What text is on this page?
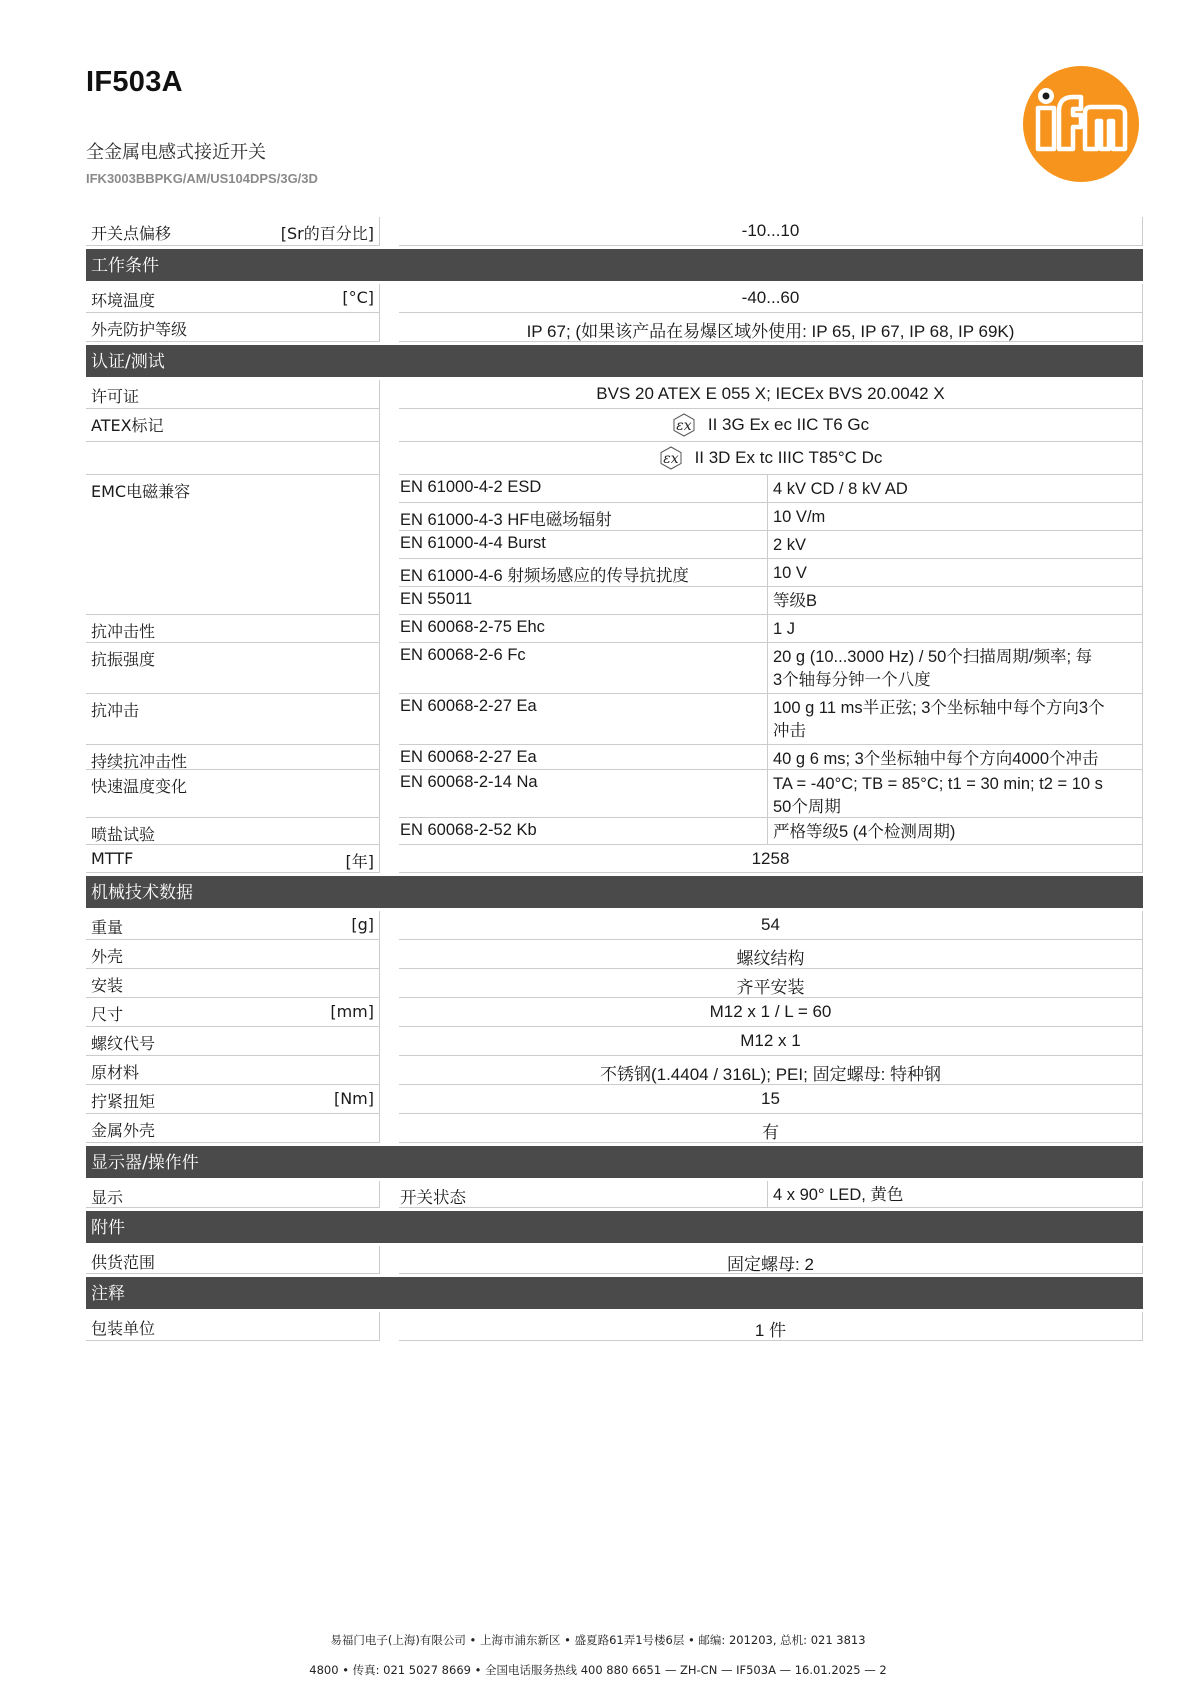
IF503A
全金属电感式接近开关
IFK3003BBPKG/AM/US104DPS/3G/3D
开关点偏移	[Sr的百分比]	-10...10
工作条件
环境温度	[°C]	-40...60
外壳防护等级	IP 67; (如果该产品在易爆区域外使用: IP 65, IP 67, IP 68, IP 69K)
认证/测试
许可证	BVS 20 ATEX E 055 X; IECEx BVS 20.0042 X
ATEX标记	εx II 3G Ex ec IIC T6 Gc
εx II 3D Ex tc IIIC T85°C Dc
EMC电磁兼容	EN 61000-4-2 ESD	4 kV CD / 8 kV AD
EN 61000-4-3 HF电磁场辐射	10 V/m
EN 61000-4-4 Burst	2 kV
EN 61000-4-6 射频场感应的传导抗扰度	10 V
EN 55011	等级B
抗冲击性	EN 60068-2-75 Ehc	1 J
抗振强度	EN 60068-2-6 Fc	20 g (10...3000 Hz) / 50个扫描周期/频率; 每
3个轴每分钟一个八度
抗冲击	EN 60068-2-27 Ea	100 g 11 ms半正弦; 3个坐标轴中每个方向3个
冲击
持续抗冲击性	EN 60068-2-27 Ea	40 g 6 ms; 3个坐标轴中每个方向4000个冲击
快速温度变化	EN 60068-2-14 Na	TA = -40°C; TB = 85°C; t1 = 30 min; t2 = 10 s
50个周期
喷盐试验	EN 60068-2-52 Kb	严格等级5 (4个检测周期)
MTTF	[年]	1258
机械技术数据
重量	[g]	54
外壳	螺纹结构
安装	齐平安装
尺寸	[mm]	M12 x 1 / L = 60
螺纹代号	M12 x 1
原材料	不锈钢(1.4404 / 316L); PEI; 固定螺母: 特种钢
拧紧扭矩	[Nm]	15
金属外壳	有
显示器/操作件
显示	开关状态	4 x 90° LED, 黄色
附件
供货范围	固定螺母: 2
注释
包装单位	1 件
易福门电子(上海)有限公司 • 上海市浦东新区 • 盛夏路61弄1号楼6层 • 邮编: 201203, 总机: 021 3813
4800 • 传真: 021 5027 8669 • 全国电话服务热线 400 880 6651 — ZH-CN — IF503A — 16.01.2025 — 2
